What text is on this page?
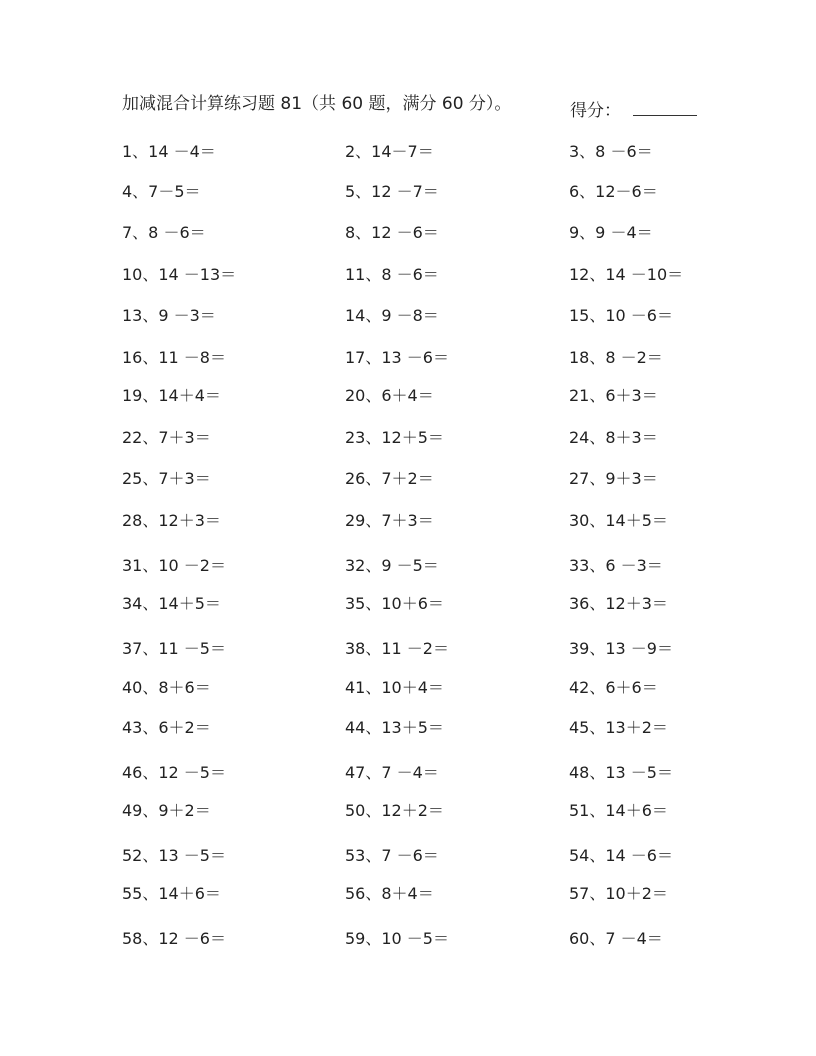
加减混合计算练习题 81（共 60 题，满分 60 分）。	得分：
1、14 －4＝	2、14－7＝	3、8 －6＝
4、7－5＝	5、12 －7＝	6、12－6＝
7、8 －6＝	8、12 －6＝	9、9 －4＝
10、14 －13＝	11、8 －6＝	12、14 －10＝
13、9 －3＝	14、9 －8＝	15、10 －6＝
16、11 －8＝	17、13 －6＝	18、8 －2＝
19、14＋4＝	20、6＋4＝	21、6＋3＝
22、7＋3＝	23、12＋5＝	24、8＋3＝
25、7＋3＝	26、7＋2＝	27、9＋3＝
28、12＋3＝	29、7＋3＝	30、14＋5＝
31、10 －2＝	32、9 －5＝	33、6 －3＝
34、14＋5＝	35、10＋6＝	36、12＋3＝
37、11 －5＝	38、11 －2＝	39、13 －9＝
40、8＋6＝	41、10＋4＝	42、6＋6＝
43、6＋2＝	44、13＋5＝	45、13＋2＝
46、12 －5＝	47、7 －4＝	48、13 －5＝
49、9＋2＝	50、12＋2＝	51、14＋6＝
52、13 －5＝	53、7 －6＝	54、14 －6＝
55、14＋6＝	56、8＋4＝	57、10＋2＝
58、12 －6＝	59、10 －5＝	60、7 －4＝
